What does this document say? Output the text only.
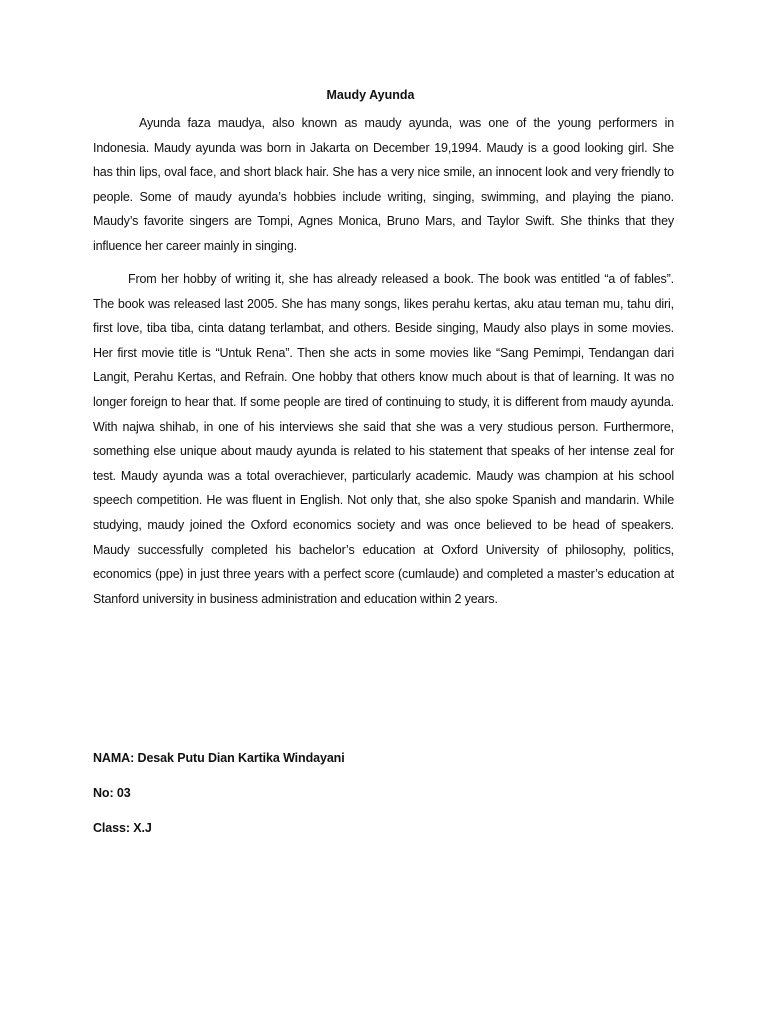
Maudy Ayunda

Ayunda faza maudya, also known as maudy ayunda, was one of the young performers in Indonesia. Maudy ayunda was born in Jakarta on December 19,1994. Maudy is a good looking girl. She has thin lips, oval face, and short black hair. She has a very nice smile, an innocent look and very friendly to people. Some of maudy ayunda’s hobbies include writing, singing, swimming, and playing the piano. Maudy’s favorite singers are Tompi, Agnes Monica, Bruno Mars, and Taylor Swift. She thinks that they influence her career mainly in singing.

From her hobby of writing it, she has already released a book. The book was entitled “a of fables”. The book was released last 2005. She has many songs, likes perahu kertas, aku atau teman mu, tahu diri, first love, tiba tiba, cinta datang terlambat, and others. Beside singing, Maudy also plays in some movies. Her first movie title is “Untuk Rena”. Then she acts in some movies like “Sang Pemimpi, Tendangan dari Langit, Perahu Kertas, and Refrain. One hobby that others know much about is that of learning. It was no longer foreign to hear that. If some people are tired of continuing to study, it is different from maudy ayunda. With najwa shihab, in one of his interviews she said that she was a very studious person. Furthermore, something else unique about maudy ayunda is related to his statement that speaks of her intense zeal for test. Maudy ayunda was a total overachiever, particularly academic. Maudy was champion at his school speech competition. He was fluent in English. Not only that, she also spoke Spanish and mandarin. While studying, maudy joined the Oxford economics society and was once believed to be head of speakers. Maudy successfully completed his bachelor’s education at Oxford University of philosophy, politics, economics (ppe) in just three years with a perfect score (cumlaude) and completed a master’s education at Stanford university in business administration and education within 2 years.

NAMA: Desak Putu Dian Kartika Windayani
No: 03
Class: X.J
